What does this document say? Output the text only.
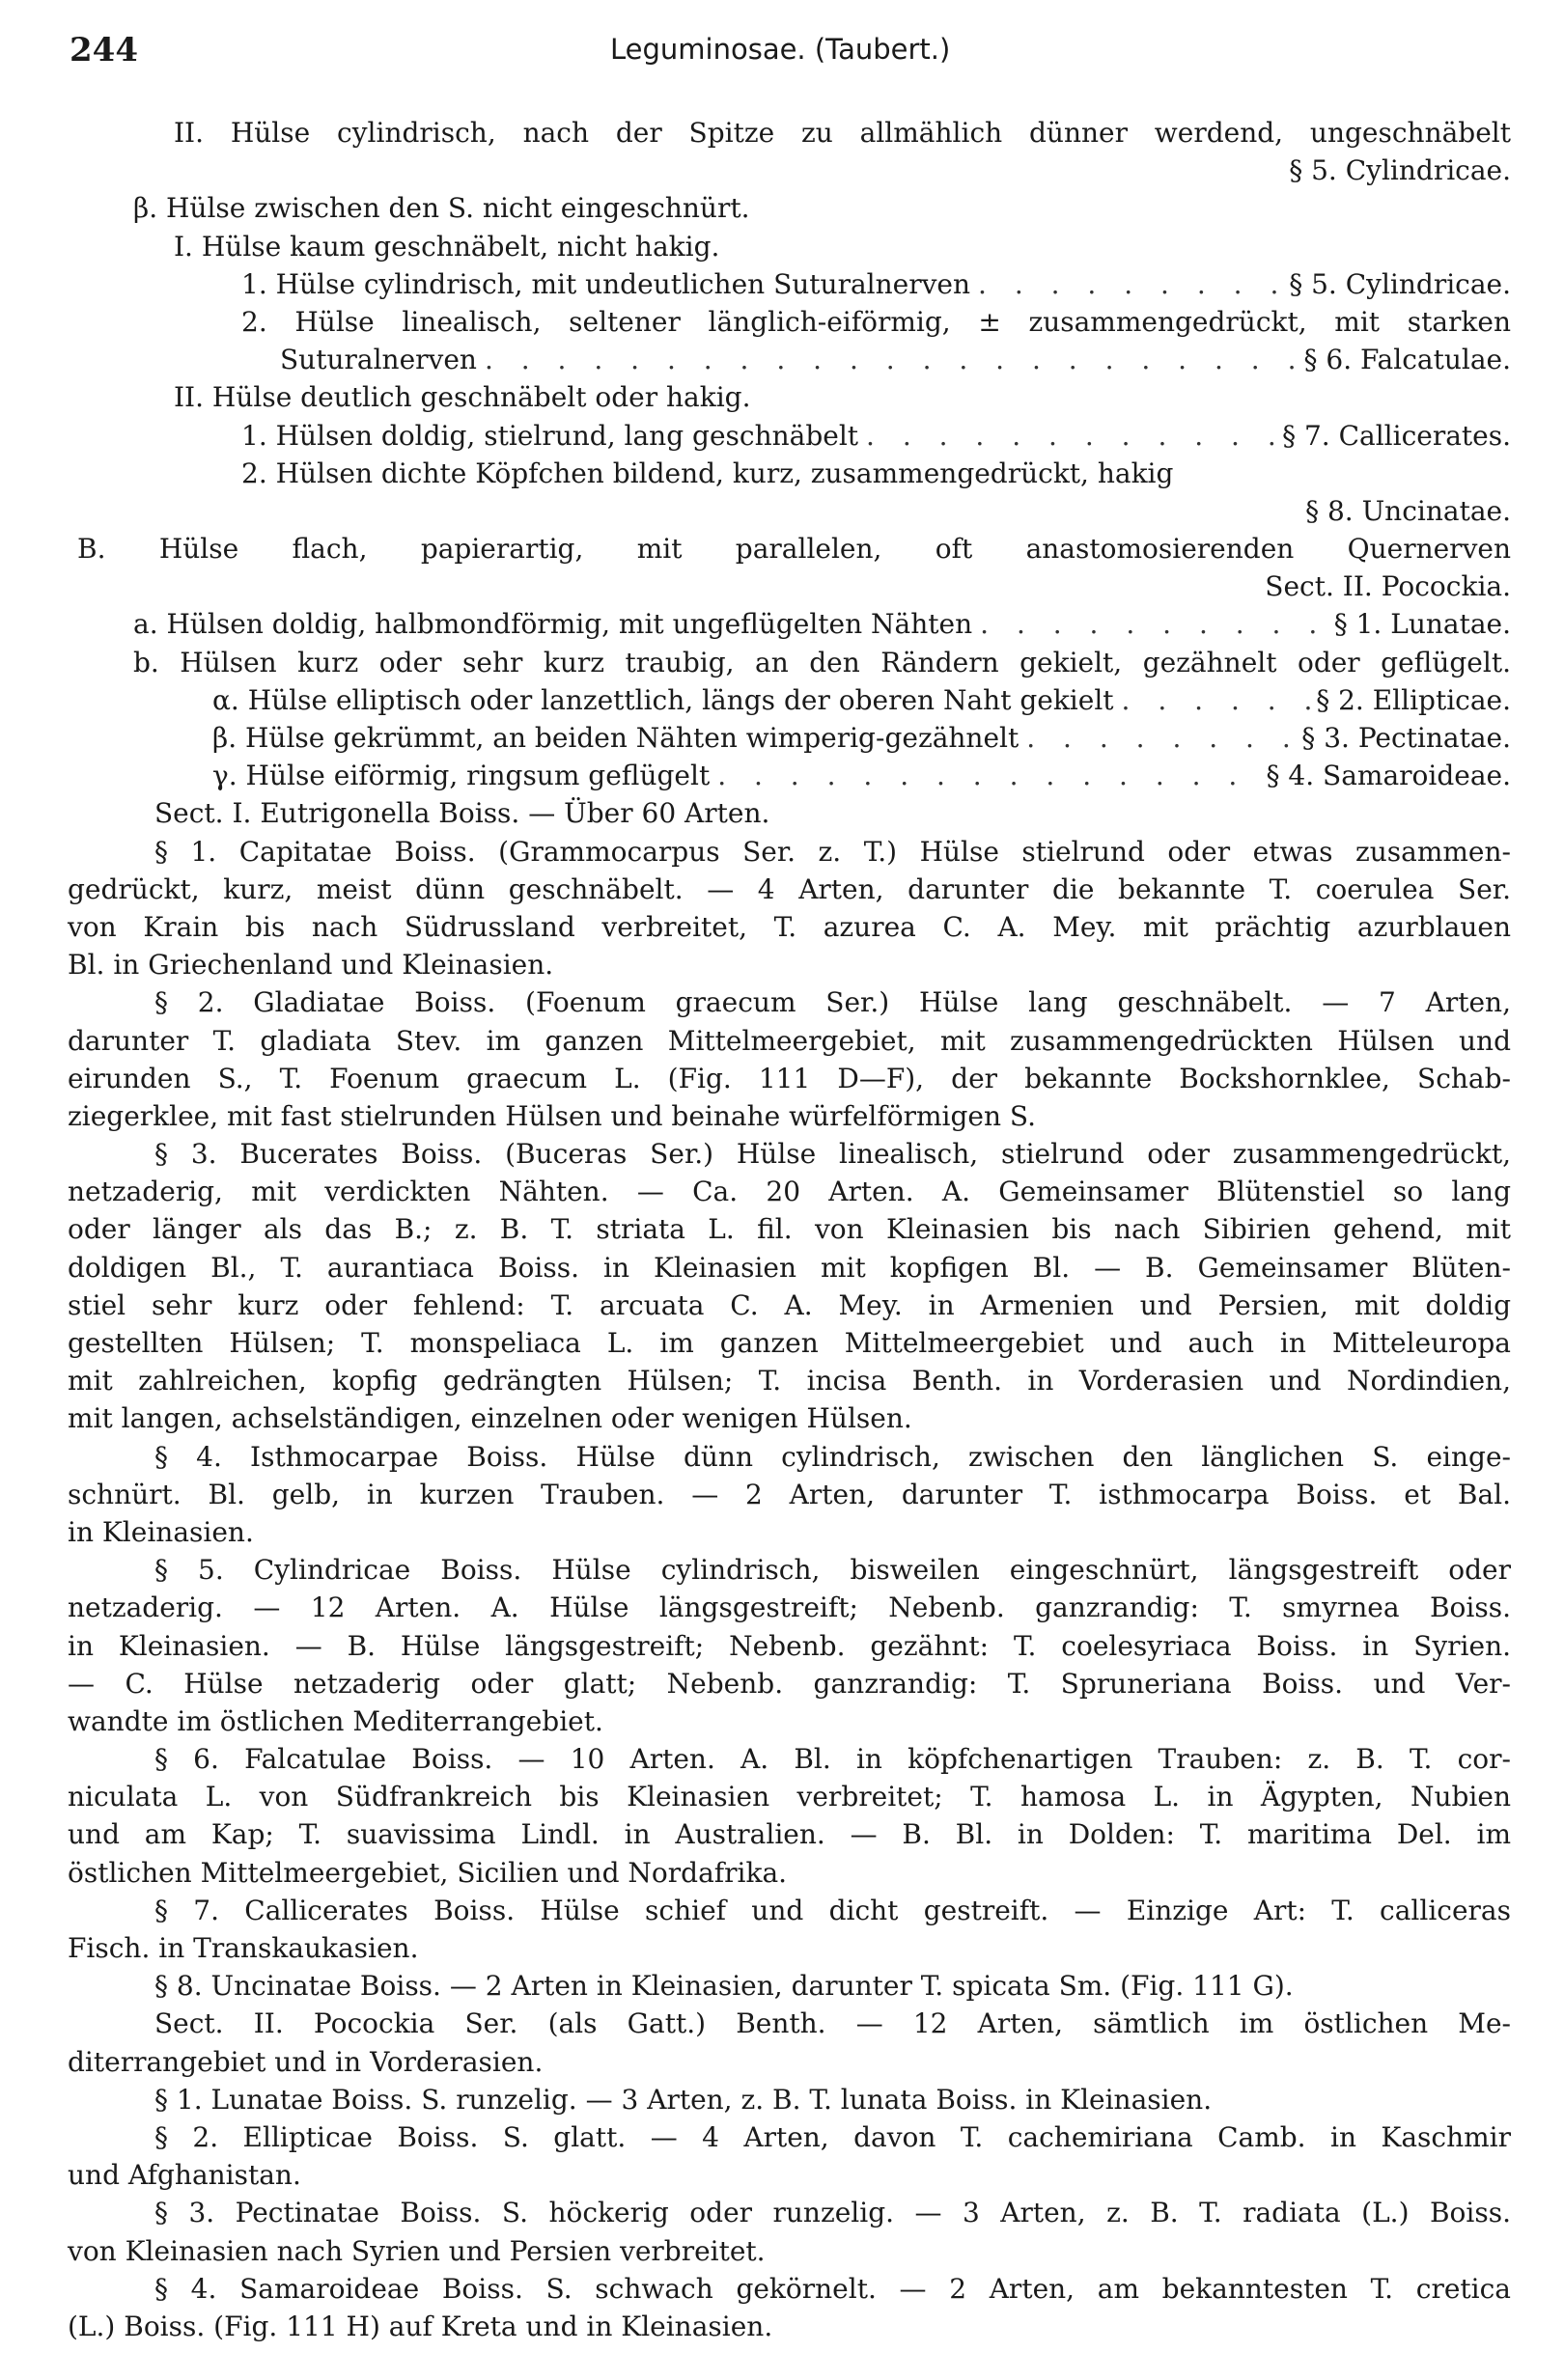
244	Leguminosae. (Taubert.)
II. Hülse cylindrisch, nach der Spitze zu allmählich dünner werdend, ungeschnäbelt
§ 5. Cylindricae.
β. Hülse zwischen den S. nicht eingeschnürt.
I. Hülse kaum geschnäbelt, nicht hakig.
1. Hülse cylindrisch, mit undeutlichen Suturalnerven . . .	§ 5. Cylindricae.
2. Hülse linealisch, seltener länglich-eiförmig, ± zusammengedrückt, mit starken
Suturalnerven . . .	§ 6. Falcatulae.
II. Hülse deutlich geschnäbelt oder hakig.
1. Hülsen doldig, stielrund, lang geschnäbelt . . .	§ 7. Callicerates.
2. Hülsen dichte Köpfchen bildend, kurz, zusammengedrückt, hakig
§ 8. Uncinatae.
B. Hülse flach, papierartig, mit parallelen, oft anastomosierenden Quernerven
Sect. II. Pocockia.
a. Hülsen doldig, halbmondförmig, mit ungeflügelten Nähten . . .	§ 1. Lunatae.
b. Hülsen kurz oder sehr kurz traubig, an den Rändern gekielt, gezähnelt oder geflügelt.
α. Hülse elliptisch oder lanzettlich, längs der oberen Naht gekielt . . .	§ 2. Ellipticae.
β. Hülse gekrümmt, an beiden Nähten wimperig-gezähnelt . . .	§ 3. Pectinatae.
γ. Hülse eiförmig, ringsum geflügelt . . .	§ 4. Samaroideae.
Sect. I. Eutrigonella Boiss. — Über 60 Arten.
§ 1. Capitatae Boiss. (Grammocarpus Ser. z. T.) Hülse stielrund oder etwas zusammen-
gedrückt, kurz, meist dünn geschnäbelt. — 4 Arten, darunter die bekannte T. coerulea Ser.
von Krain bis nach Südrussland verbreitet, T. azurea C. A. Mey. mit prächtig azurblauen
Bl. in Griechenland und Kleinasien.
§ 2. Gladiatae Boiss. (Foenum graecum Ser.) Hülse lang geschnäbelt. — 7 Arten,
darunter T. gladiata Stev. im ganzen Mittelmeergebiet, mit zusammengedrückten Hülsen und
eirunden S., T. Foenum graecum L. (Fig. 111 D—F), der bekannte Bockshornklee, Schab-
ziegerklee, mit fast stielrunden Hülsen und beinahe würfelförmigen S.
§ 3. Bucerates Boiss. (Buceras Ser.) Hülse linealisch, stielrund oder zusammengedrückt,
netzaderig, mit verdickten Nähten. — Ca. 20 Arten. A. Gemeinsamer Blütenstiel so lang
oder länger als das B.; z. B. T. striata L. fil. von Kleinasien bis nach Sibirien gehend, mit
doldigen Bl., T. aurantiaca Boiss. in Kleinasien mit kopfigen Bl. — B. Gemeinsamer Blüten-
stiel sehr kurz oder fehlend: T. arcuata C. A. Mey. in Armenien und Persien, mit doldig
gestellten Hülsen; T. monspeliaca L. im ganzen Mittelmeergebiet und auch in Mitteleuropa
mit zahlreichen, kopfig gedrängten Hülsen; T. incisa Benth. in Vorderasien und Nordindien,
mit langen, achselständigen, einzelnen oder wenigen Hülsen.
§ 4. Isthmocarpae Boiss. Hülse dünn cylindrisch, zwischen den länglichen S. einge-
schnürt. Bl. gelb, in kurzen Trauben. — 2 Arten, darunter T. isthmocarpa Boiss. et Bal.
in Kleinasien.
§ 5. Cylindricae Boiss. Hülse cylindrisch, bisweilen eingeschnürt, längsgestreift oder
netzaderig. — 12 Arten. A. Hülse längsgestreift; Nebenb. ganzrandig: T. smyrnea Boiss.
in Kleinasien. — B. Hülse längsgestreift; Nebenb. gezähnt: T. coelesyriaca Boiss. in Syrien.
— C. Hülse netzaderig oder glatt; Nebenb. ganzrandig: T. Spruneriana Boiss. und Ver-
wandte im östlichen Mediterrangebiet.
§ 6. Falcatulae Boiss. — 10 Arten. A. Bl. in köpfchenartigen Trauben: z. B. T. cor-
niculata L. von Südfrankreich bis Kleinasien verbreitet; T. hamosa L. in Ägypten, Nubien
und am Kap; T. suavissima Lindl. in Australien. — B. Bl. in Dolden: T. maritima Del. im
östlichen Mittelmeergebiet, Sicilien und Nordafrika.
§ 7. Callicerates Boiss. Hülse schief und dicht gestreift. — Einzige Art: T. calliceras
Fisch. in Transkaukasien.
§ 8. Uncinatae Boiss. — 2 Arten in Kleinasien, darunter T. spicata Sm. (Fig. 111 G).
Sect. II. Pocockia Ser. (als Gatt.) Benth. — 12 Arten, sämtlich im östlichen Me-
diterrangebiet und in Vorderasien.
§ 1. Lunatae Boiss. S. runzelig. — 3 Arten, z. B. T. lunata Boiss. in Kleinasien.
§ 2. Ellipticae Boiss. S. glatt. — 4 Arten, davon T. cachemiriana Camb. in Kaschmir
und Afghanistan.
§ 3. Pectinatae Boiss. S. höckerig oder runzelig. — 3 Arten, z. B. T. radiata (L.) Boiss.
von Kleinasien nach Syrien und Persien verbreitet.
§ 4. Samaroideae Boiss. S. schwach gekörnelt. — 2 Arten, am bekanntesten T. cretica
(L.) Boiss. (Fig. 111 H) auf Kreta und in Kleinasien.
